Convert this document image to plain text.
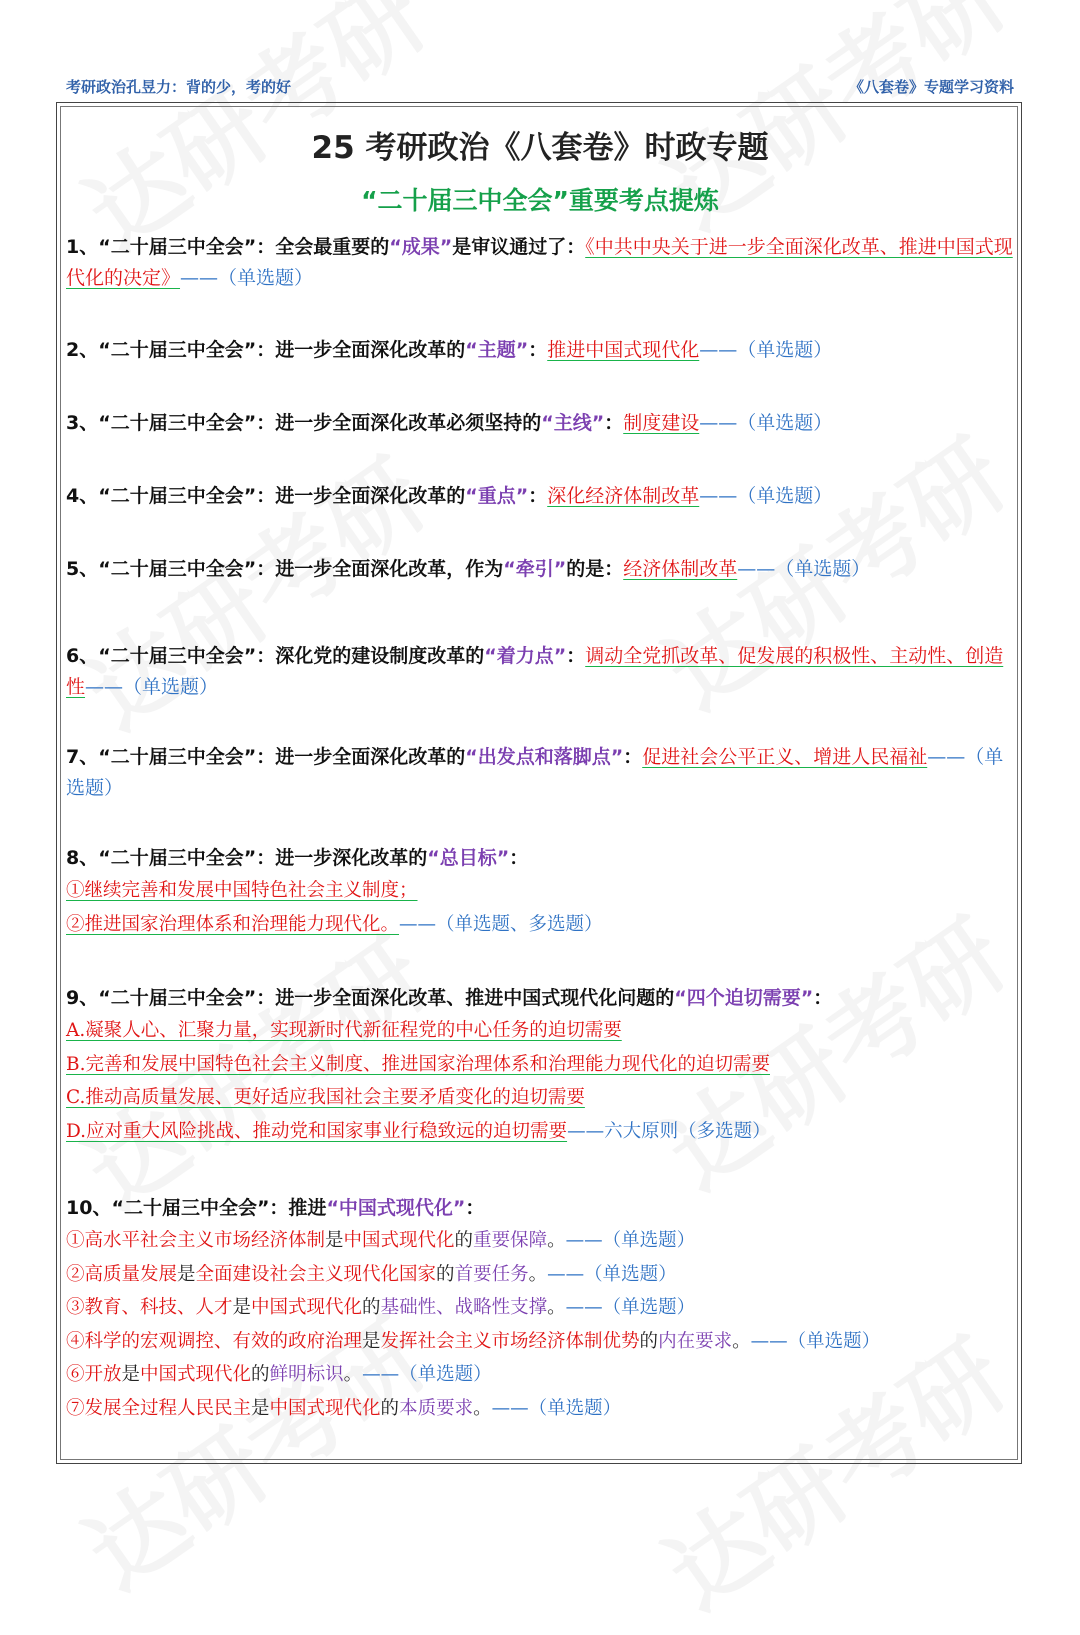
考研政治孔昱力：背的少，考的好	《八套卷》专题学习资料
25 考研政治《八套卷》时政专题
“二十届三中全会”重要考点提炼
1、“二十届三中全会”：全会最重要的“成果”是审议通过了：《中共中央关于进一步全面深化改革、推进中国式现代化的决定》——（单选题）
2、“二十届三中全会”：进一步全面深化改革的“主题”：推进中国式现代化——（单选题）
3、“二十届三中全会”：进一步全面深化改革必须坚持的“主线”：制度建设——（单选题）
4、“二十届三中全会”：进一步全面深化改革的“重点”：深化经济体制改革——（单选题）
5、“二十届三中全会”：进一步全面深化改革，作为“牵引”的是：经济体制改革——（单选题）
6、“二十届三中全会”：深化党的建设制度改革的“着力点”：调动全党抓改革、促发展的积极性、主动性、创造性——（单选题）
7、“二十届三中全会”：进一步全面深化改革的“出发点和落脚点”：促进社会公平正义、增进人民福祉——（单选题）
8、“二十届三中全会”：进一步深化改革的“总目标”：
①继续完善和发展中国特色社会主义制度；
②推进国家治理体系和治理能力现代化。——（单选题、多选题）
9、“二十届三中全会”：进一步全面深化改革、推进中国式现代化问题的“四个迫切需要”：
A.凝聚人心、汇聚力量，实现新时代新征程党的中心任务的迫切需要
B.完善和发展中国特色社会主义制度、推进国家治理体系和治理能力现代化的迫切需要
C.推动高质量发展、更好适应我国社会主要矛盾变化的迫切需要
D.应对重大风险挑战、推动党和国家事业行稳致远的迫切需要——六大原则（多选题）
10、“二十届三中全会”：推进“中国式现代化”：
①高水平社会主义市场经济体制是中国式现代化的重要保障。——（单选题）
②高质量发展是全面建设社会主义现代化国家的首要任务。——（单选题）
③教育、科技、人才是中国式现代化的基础性、战略性支撑。——（单选题）
④科学的宏观调控、有效的政府治理是发挥社会主义市场经济体制优势的内在要求。——（单选题）
⑥开放是中国式现代化的鲜明标识。——（单选题）
⑦发展全过程人民民主是中国式现代化的本质要求。——（单选题）
